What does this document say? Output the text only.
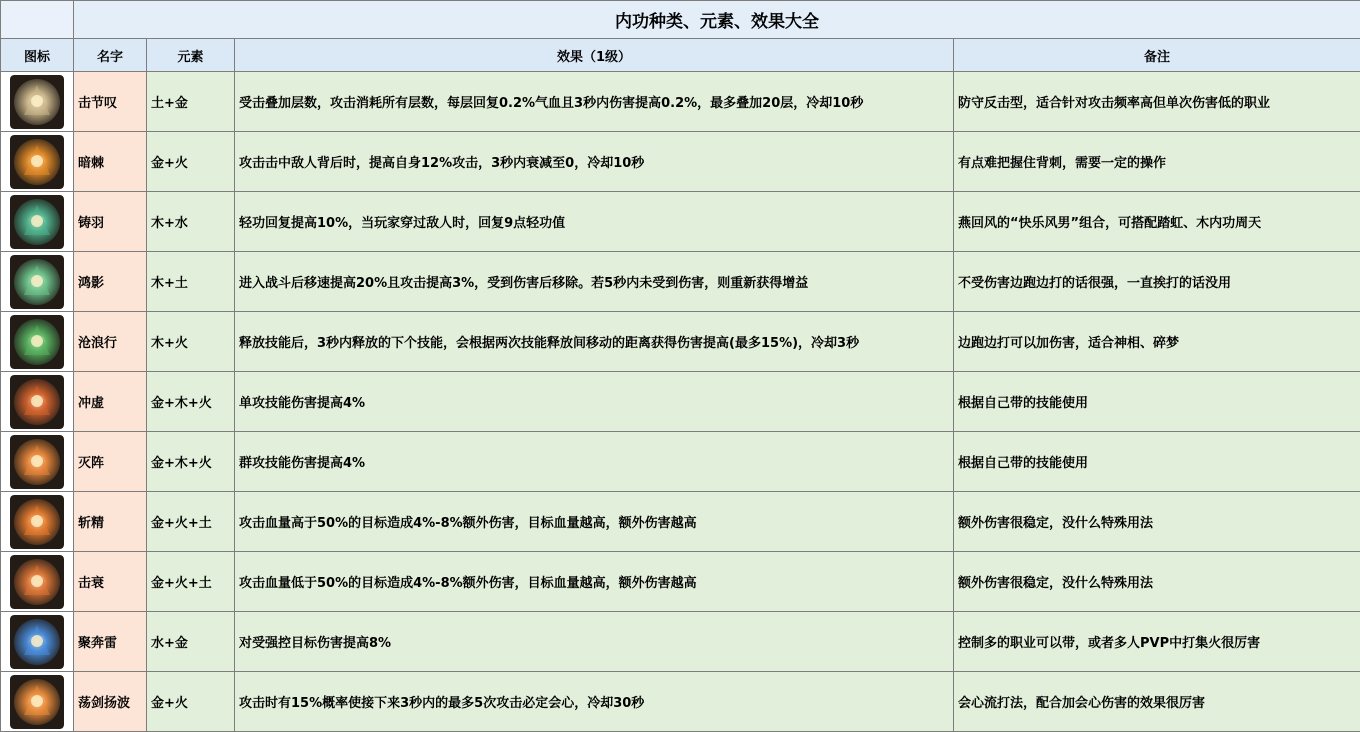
	内功种类、元素、效果大全			
图标	名字	元素	效果（1级）	备注

	击节叹	土+金	受击叠加层数，攻击消耗所有层数，每层回复0.2%气血且3秒内伤害提高0.2%，最多叠加20层，冷却10秒	防守反击型，适合针对攻击频率高但单次伤害低的职业

	暗棘	金+火	攻击击中敌人背后时，提高自身12%攻击，3秒内衰减至0，冷却10秒	有点难把握住背刺，需要一定的操作

	铸羽	木+水	轻功回复提高10%，当玩家穿过敌人时，回复9点轻功值	燕回风的“快乐风男”组合，可搭配踏虹、木内功周天

	鸿影	木+土	进入战斗后移速提高20%且攻击提高3%，受到伤害后移除。若5秒内未受到伤害，则重新获得增益	不受伤害边跑边打的话很强，一直挨打的话没用

	沧浪行	木+火	释放技能后，3秒内释放的下个技能，会根据两次技能释放间移动的距离获得伤害提高(最多15%)，冷却3秒	边跑边打可以加伤害，适合神相、碎梦

	冲虚	金+木+火	单攻技能伤害提高4%	根据自己带的技能使用

	灭阵	金+木+火	群攻技能伤害提高4%	根据自己带的技能使用

	斩精	金+火+土	攻击血量高于50%的目标造成4%-8%额外伤害，目标血量越高，额外伤害越高	额外伤害很稳定，没什么特殊用法

	击衰	金+火+土	攻击血量低于50%的目标造成4%-8%额外伤害，目标血量越高，额外伤害越高	额外伤害很稳定，没什么特殊用法

	聚奔雷	水+金	对受强控目标伤害提高8%	控制多的职业可以带，或者多人PVP中打集火很厉害

	荡剑扬波	金+火	攻击时有15%概率使接下来3秒内的最多5次攻击必定会心，冷却30秒	会心流打法，配合加会心伤害的效果很厉害
